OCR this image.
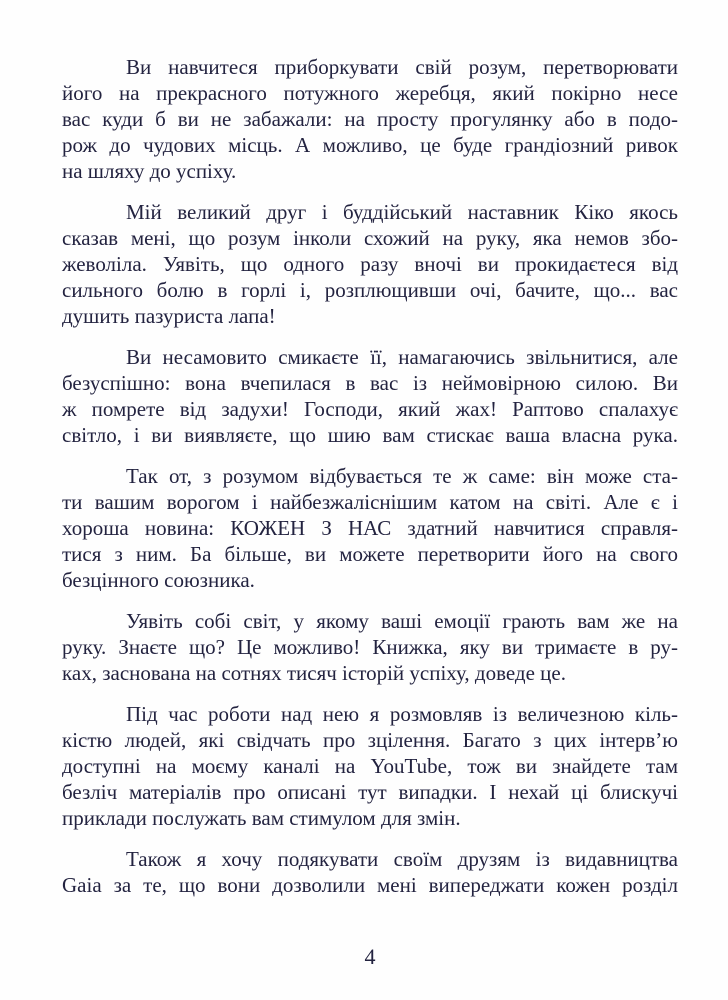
Ви навчитеся приборкувати свій розум, перетворювати
його на прекрасного потужного жеребця, який покірно несе
вас куди б ви не забажали: на просту прогулянку або в подо-
рож до чудових місць. А можливо, це буде грандіозний ривок
на шляху до успіху.
Мій великий друг і буддійський наставник Кіко якось
сказав мені, що розум інколи схожий на руку, яка немов збо-
жеволіла. Уявіть, що одного разу вночі ви прокидаєтеся від
сильного болю в горлі і, розплющивши очі, бачите, що... вас
душить пазуриста лапа!
Ви несамовито смикаєте її, намагаючись звільнитися, але
безуспішно: вона вчепилася в вас із неймовірною силою. Ви
ж помрете від задухи! Господи, який жах! Раптово спалахує
світло, і ви виявляєте, що шию вам стискає ваша власна рука.
Так от, з розумом відбувається те ж саме: він може ста-
ти вашим ворогом і найбезжаліснішим катом на світі. Але є і
хороша новина: КОЖЕН З НАС здатний навчитися справля-
тися з ним. Ба більше, ви можете перетворити його на свого
безцінного союзника.
Уявіть собі світ, у якому ваші емоції грають вам же на
руку. Знаєте що? Це можливо! Книжка, яку ви тримаєте в ру-
ках, заснована на сотнях тисяч історій успіху, доведе це.
Під час роботи над нею я розмовляв із величезною кіль-
кістю людей, які свідчать про зцілення. Багато з цих інтерв’ю
доступні на моєму каналі на YouTube, тож ви знайдете там
безліч матеріалів про описані тут випадки. І нехай ці блискучі
приклади послужать вам стимулом для змін.
Також я хочу подякувати своїм друзям із видавництва
Gaia за те, що вони дозволили мені випереджати кожен розділ
4
